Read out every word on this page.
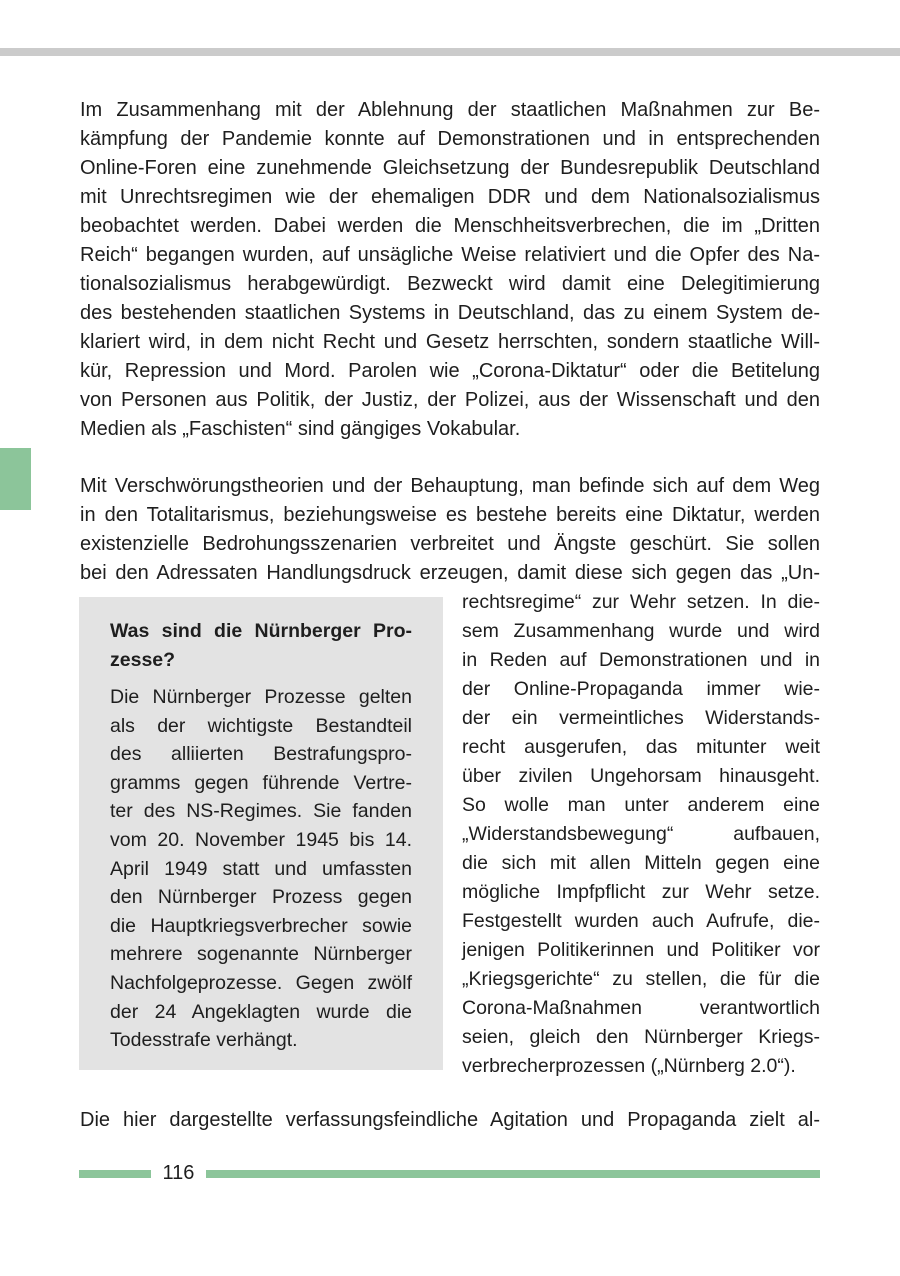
Im Zusammenhang mit der Ablehnung der staatlichen Maßnahmen zur Be-
kämpfung der Pandemie konnte auf Demonstrationen und in entsprechenden
Online-Foren eine zunehmende Gleichsetzung der Bundesrepublik Deutschland
mit Unrechtsregimen wie der ehemaligen DDR und dem Nationalsozialismus
beobachtet werden. Dabei werden die Menschheitsverbrechen, die im „Dritten
Reich“ begangen wurden, auf unsägliche Weise relativiert und die Opfer des Na-
tionalsozialismus herabgewürdigt. Bezweckt wird damit eine Delegitimierung
des bestehenden staatlichen Systems in Deutschland, das zu einem System de-
klariert wird, in dem nicht Recht und Gesetz herrschten, sondern staatliche Will-
kür, Repression und Mord. Parolen wie „Corona-Diktatur“ oder die Betitelung
von Personen aus Politik, der Justiz, der Polizei, aus der Wissenschaft und den
Medien als „Faschisten“ sind gängiges Vokabular.

Mit Verschwörungstheorien und der Behauptung, man befinde sich auf dem Weg
in den Totalitarismus, beziehungsweise es bestehe bereits eine Diktatur, werden
existenzielle Bedrohungsszenarien verbreitet und Ängste geschürt. Sie sollen
bei den Adressaten Handlungsdruck erzeugen, damit diese sich gegen das „Un-

Was sind die Nürnberger Pro-
zesse?

Die Nürnberger Prozesse gelten
als der wichtigste Bestandteil
des alliierten Bestrafungspro-
gramms gegen führende Vertre-
ter des NS-Regimes. Sie fanden
vom 20. November 1945 bis 14.
April 1949 statt und umfassten
den Nürnberger Prozess gegen
die Hauptkriegsverbrecher sowie
mehrere sogenannte Nürnberger
Nachfolgeprozesse. Gegen zwölf
der 24 Angeklagten wurde die
Todesstrafe verhängt.

rechtsregime“ zur Wehr setzen. In die-
sem Zusammenhang wurde und wird
in Reden auf Demonstrationen und in
der Online-Propaganda immer wie-
der ein vermeintliches Widerstands-
recht ausgerufen, das mitunter weit
über zivilen Ungehorsam hinausgeht.
So wolle man unter anderem eine
„Widerstandsbewegung“ aufbauen,
die sich mit allen Mitteln gegen eine
mögliche Impfpflicht zur Wehr setze.
Festgestellt wurden auch Aufrufe, die-
jenigen Politikerinnen und Politiker vor
„Kriegsgerichte“ zu stellen, die für die
Corona-Maßnahmen verantwortlich
seien, gleich den Nürnberger Kriegs-
verbrecherprozessen („Nürnberg 2.0“).

Die hier dargestellte verfassungsfeindliche Agitation und Propaganda zielt al-

116
